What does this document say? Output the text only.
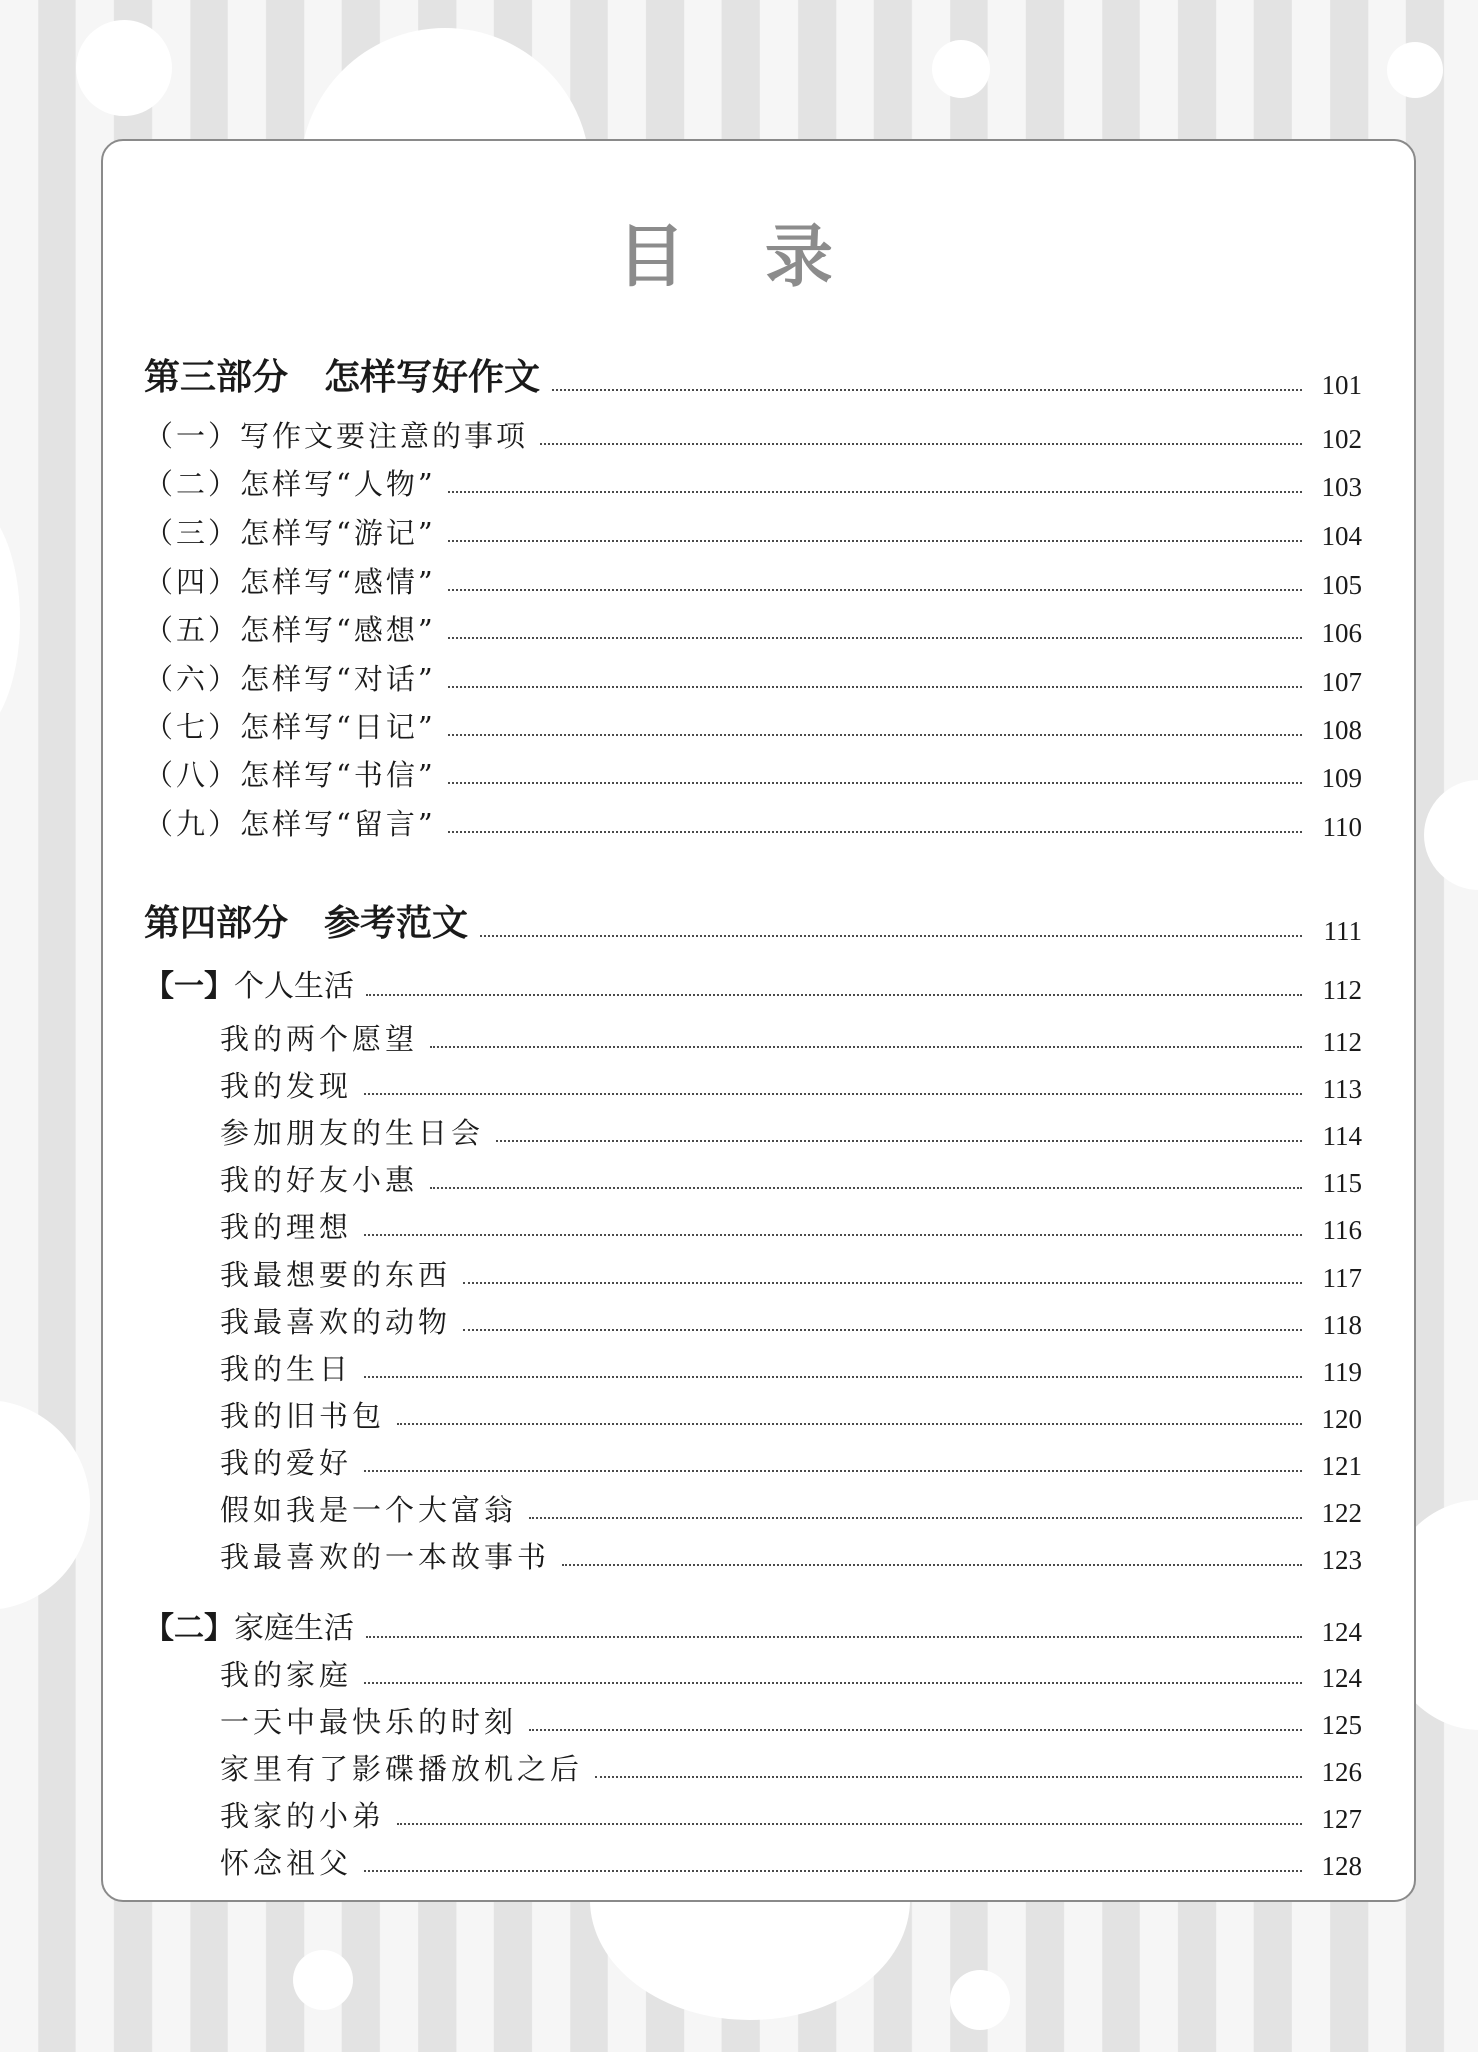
目 录
第三部分　怎样写好作文	101
（一）写作文要注意的事项	102
（二）怎样写“人物”	103
（三）怎样写“游记”	104
（四）怎样写“感情”	105
（五）怎样写“感想”	106
（六）怎样写“对话”	107
（七）怎样写“日记”	108
（八）怎样写“书信”	109
（九）怎样写“留言”	110
第四部分　参考范文	111
【一】个人生活	112
我的两个愿望	112
我的发现	113
参加朋友的生日会	114
我的好友小惠	115
我的理想	116
我最想要的东西	117
我最喜欢的动物	118
我的生日	119
我的旧书包	120
我的爱好	121
假如我是一个大富翁	122
我最喜欢的一本故事书	123
【二】家庭生活	124
我的家庭	124
一天中最快乐的时刻	125
家里有了影碟播放机之后	126
我家的小弟	127
怀念祖父	128
